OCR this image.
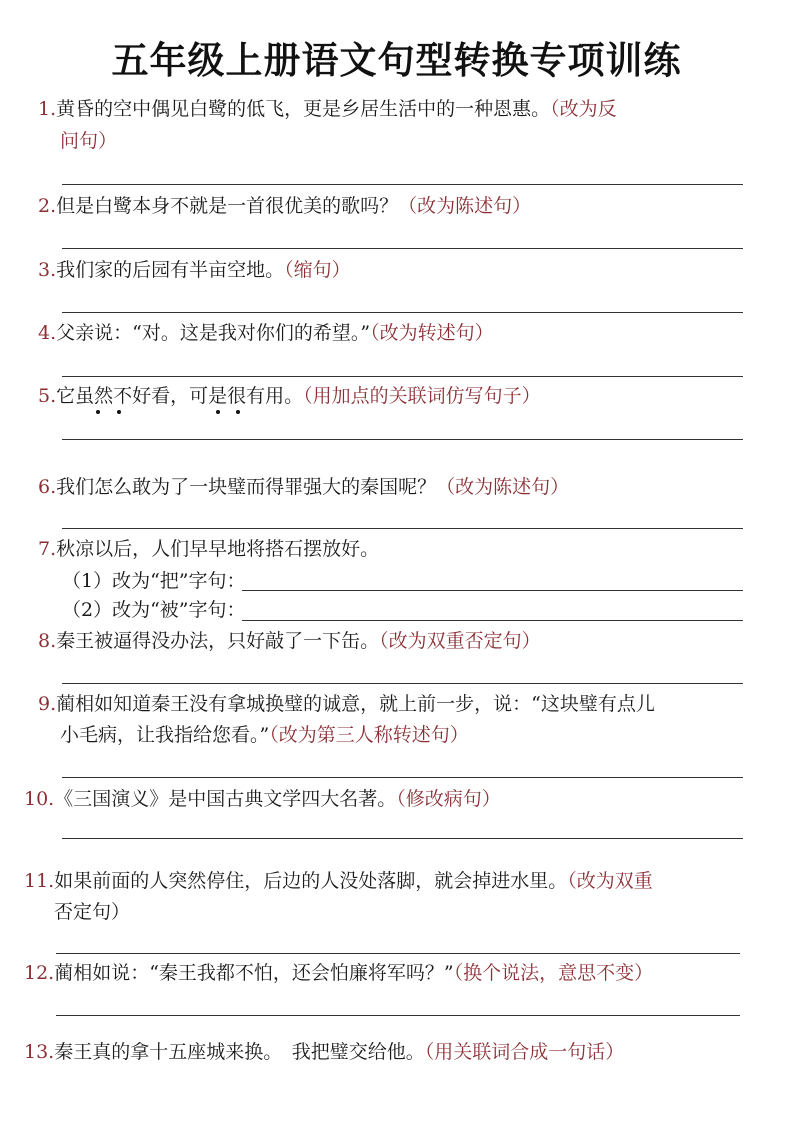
五年级上册语文句型转换专项训练
1.黄昏的空中偶见白鹭的低飞，更是乡居生活中的一种恩惠。（改为反
问句）
2.但是白鹭本身不就是一首很优美的歌吗？（改为陈述句）
3.我们家的后园有半亩空地。（缩句）
4.父亲说：“对。这是我对你们的希望。”（改为转述句）
5.它虽然不好看，可是很有用。（用加点的关联词仿写句子）
6.我们怎么敢为了一块璧而得罪强大的秦国呢？（改为陈述句）
7.秋凉以后，人们早早地将搭石摆放好。
（1）改为“把”字句：
（2）改为“被”字句：
8.秦王被逼得没办法，只好敲了一下缶。（改为双重否定句）
9.蔺相如知道秦王没有拿城换璧的诚意，就上前一步，说：“这块璧有点儿
小毛病，让我指给您看。”（改为第三人称转述句）
10.《三国演义》是中国古典文学四大名著。（修改病句）
11.如果前面的人突然停住，后边的人没处落脚，就会掉进水里。（改为双重
否定句）
12.蔺相如说：“秦王我都不怕，还会怕廉将军吗？”（换个说法，意思不变）
13.秦王真的拿十五座城来换。　我把璧交给他。（用关联词合成一句话）
